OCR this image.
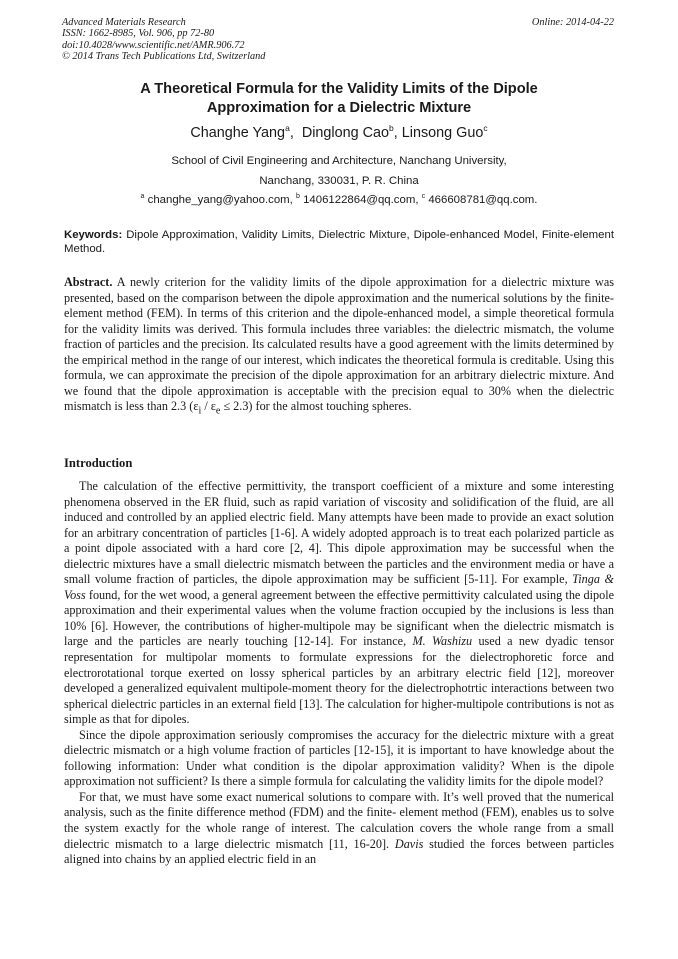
Advanced Materials Research
ISSN: 1662-8985, Vol. 906, pp 72-80
doi:10.4028/www.scientific.net/AMR.906.72
© 2014 Trans Tech Publications Ltd, Switzerland
Online: 2014-04-22
A Theoretical Formula for the Validity Limits of the Dipole
Approximation for a Dielectric Mixture
Changhe Yang$^a$,  Dinglong Cao$^b$, Linsong Guo$^c$
School of Civil Engineering and Architecture, Nanchang University,
Nanchang, 330031, P. R. China
$^a$ changhe_yang@yahoo.com, $^b$ 1406122864@qq.com, $^c$ 466608781@qq.com.
Keywords: Dipole Approximation, Validity Limits, Dielectric Mixture, Dipole-enhanced Model, Finite-element Method.
Abstract. A newly criterion for the validity limits of the dipole approximation for a dielectric mixture was presented, based on the comparison between the dipole approximation and the numerical solutions by the finite-element method (FEM). In terms of this criterion and the dipole-enhanced model, a simple theoretical formula for the validity limits was derived. This formula includes three variables: the dielectric mismatch, the volume fraction of particles and the precision. Its calculated results have a good agreement with the limits determined by the empirical method in the range of our interest, which indicates the theoretical formula is creditable. Using this formula, we can approximate the precision of the dipole approximation for an arbitrary dielectric mixture. And we found that the dipole approximation is acceptable with the precision equal to 30% when the dielectric mismatch is less than 2.3 $(\varepsilon_i / \varepsilon_e \le 2.3)$ for the almost touching spheres.
Introduction

The calculation of the effective permittivity, the transport coefficient of a mixture and some interesting phenomena observed in the ER fluid, such as rapid variation of viscosity and solidification of the fluid, are all induced and controlled by an applied electric field. Many attempts have been made to provide an exact solution for an arbitrary concentration of particles [1-6]. A widely adopted approach is to treat each polarized particle as a point dipole associated with a hard core [2, 4]. This dipole approximation may be successful when the dielectric mixtures have a small dielectric mismatch between the particles and the environment media or have a small volume fraction of particles, the dipole approximation may be sufficient [5-11]. For example, Tinga & Voss found, for the wet wood, a general agreement between the effective permittivity calculated using the dipole approximation and their experimental values when the volume fraction occupied by the inclusions is less than 10% [6]. However, the contributions of higher-multipole may be significant when the dielectric mismatch is large and the particles are nearly touching [12-14]. For instance, M. Washizu used a new dyadic tensor representation for multipolar moments to formulate expressions for the dielectrophoretic force and electrorotational torque exerted on lossy spherical particles by an arbitrary electric field [12], moreover developed a generalized equivalent multipole-moment theory for the dielectrophotrtic interactions between two spherical dielectric particles in an external field [13]. The calculation for higher-multipole contributions is not as simple as that for dipoles.

Since the dipole approximation seriously compromises the accuracy for the dielectric mixture with a great dielectric mismatch or a high volume fraction of particles [12-15], it is important to have knowledge about the following information: Under what condition is the dipolar approximation validity? When is the dipole approximation not sufficient? Is there a simple formula for calculating the validity limits for the dipole model?

For that, we must have some exact numerical solutions to compare with. It’s well proved that the numerical analysis, such as the finite difference method (FDM) and the finite- element method (FEM), enables us to solve the system exactly for the whole range of interest. The calculation covers the whole range from a small dielectric mismatch to a large dielectric mismatch [11, 16-20]. Davis studied the forces between particles aligned into chains by an applied electric field in an
